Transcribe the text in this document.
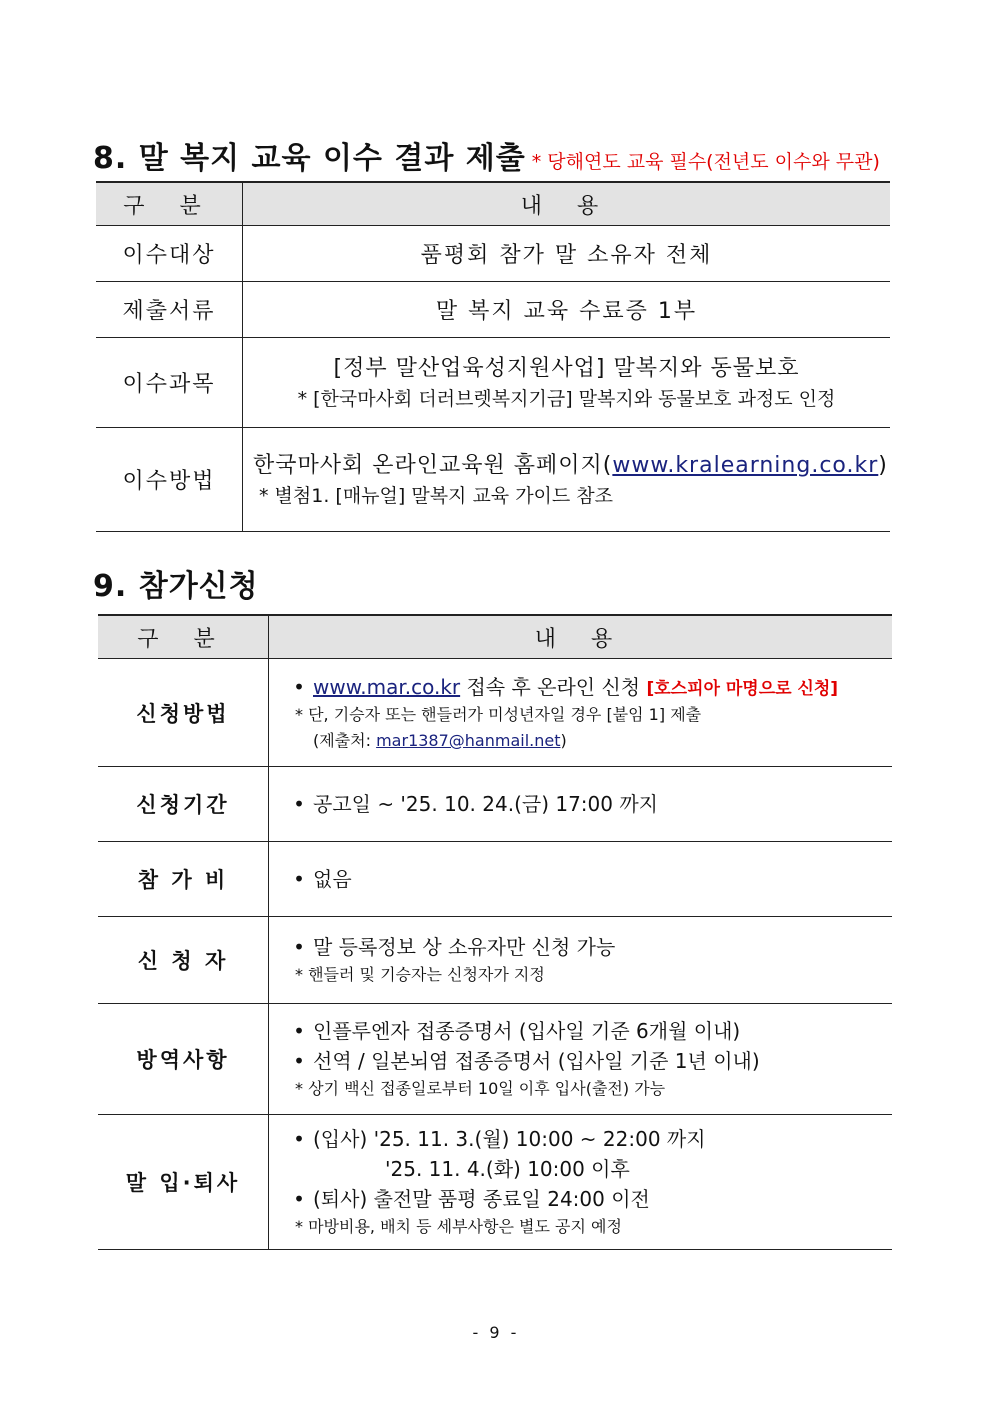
8. 말 복지 교육 이수 결과 제출 * 당해연도 교육 필수(전년도 이수와 무관)
구 분	내 용
이수대상	품평회 참가 말 소유자 전체
제출서류	말 복지 교육 수료증 1부
이수과목	[정부 말산업육성지원사업] 말복지와 동물보호
* [한국마사회 더러브렛복지기금] 말복지와 동물보호 과정도 인정

이수방법	한국마사회 온라인교육원 홈페이지(www.kralearning.co.kr)
* 별첨1. [매뉴얼] 말복지 교육 가이드 참조
9. 참가신청
구 분	내 용
신청방법	• www.mar.co.kr 접속 후 온라인 신청 [호스피아 마명으로 신청]
* 단, 기승자 또는 핸들러가 미성년자일 경우 [붙임 1] 제출
(제출처: mar1387@hanmail.net)

신청기간	• 공고일 ~ '25. 10. 24.(금) 17:00 까지

참 가 비	• 없음

신 청 자	• 말 등록정보 상 소유자만 신청 가능
* 핸들러 및 기승자는 신청자가 지정

방역사항	• 인플루엔자 접종증명서 (입사일 기준 6개월 이내)
• 선역 / 일본뇌염 접종증명서 (입사일 기준 1년 이내)
* 상기 백신 접종일로부터 10일 이후 입사(출전) 가능

말 입·퇴사	• (입사) '25. 11. 3.(월) 10:00 ~ 22:00 까지
'25. 11. 4.(화) 10:00 이후
• (퇴사) 출전말 품평 종료일 24:00 이전
* 마방비용, 배치 등 세부사항은 별도 공지 예정
- 9 -
